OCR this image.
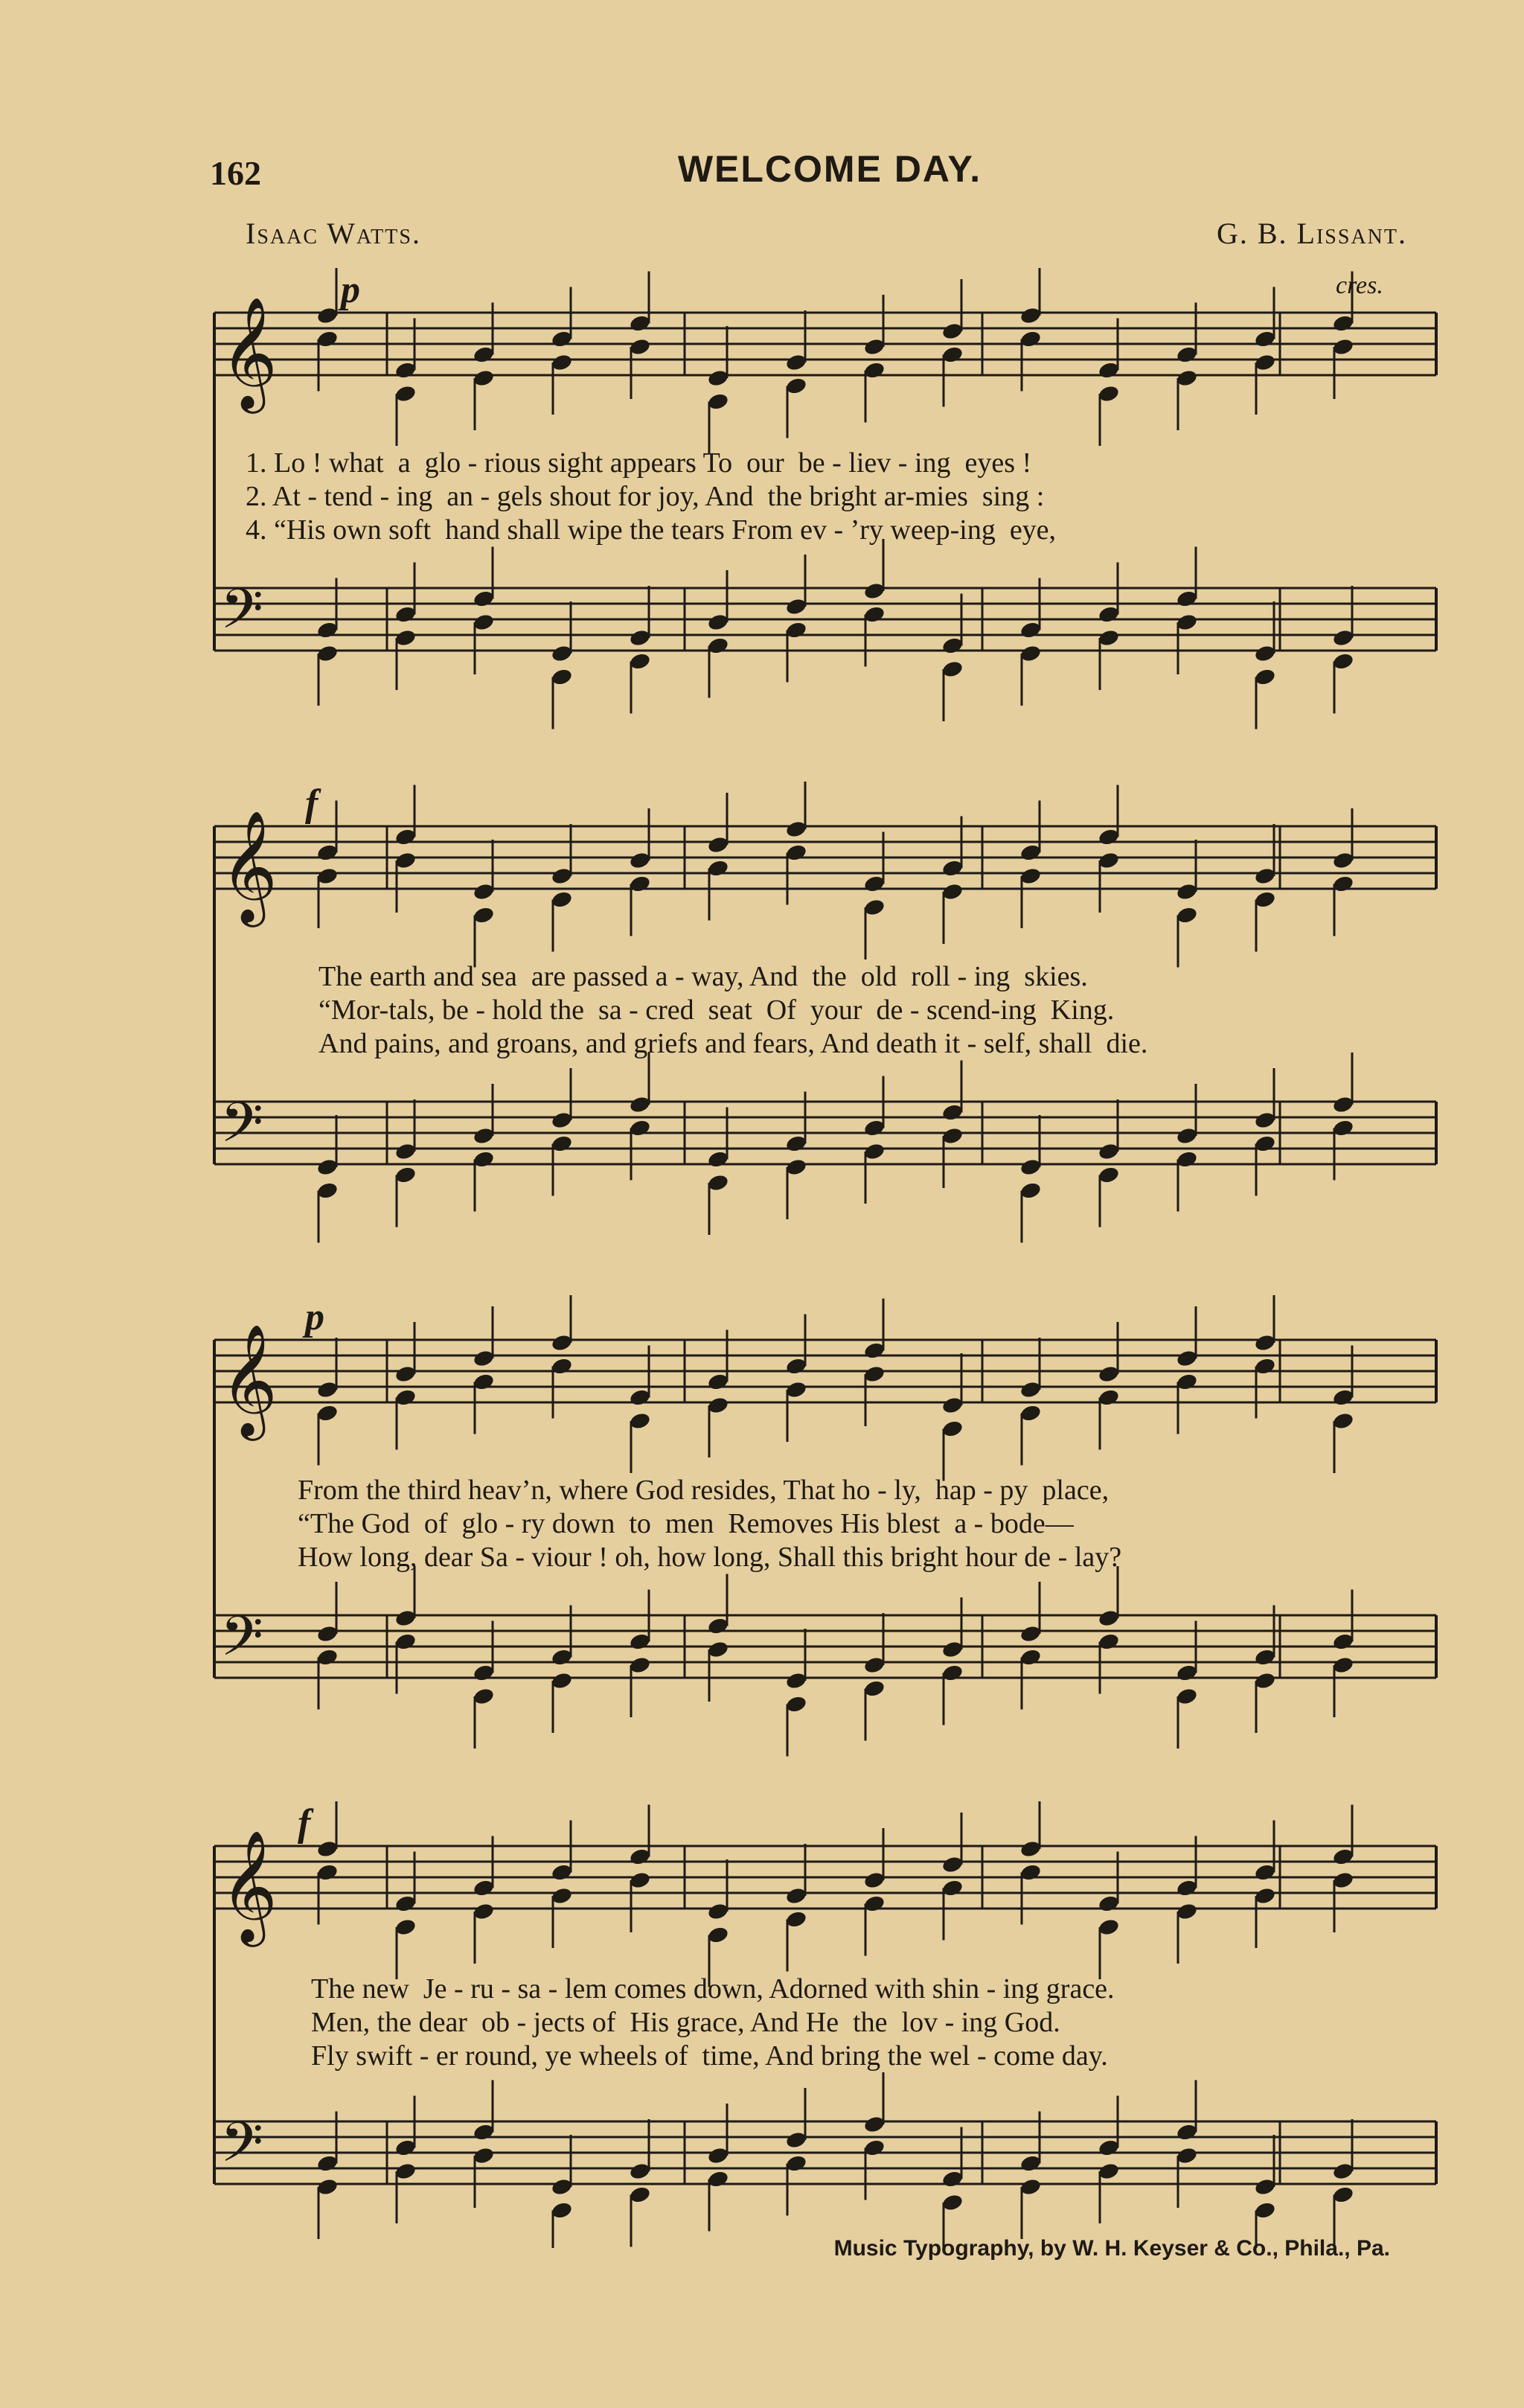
162	WELCOME DAY.
Isaac Watts.	G. B. Lissant.
𝄞
𝄢
p	cres.
1. Lo ! what  a  glo - rious sight appears To  our  be - liev - ing  eyes !
2. At - tend - ing  an - gels shout for joy, And  the bright ar-mies  sing :
4. “His own soft  hand shall wipe the tears From ev - ’ry weep-ing  eye,
𝄞
𝄢
f
The earth and sea  are passed a - way, And  the  old  roll - ing  skies.
“Mor-tals, be - hold the  sa - cred  seat  Of  your  de - scend-ing  King.
And pains, and groans, and griefs and fears, And death it - self, shall  die.
𝄞
𝄢
p
From the third heav’n, where God resides, That ho - ly,  hap - py  place,
“The God  of  glo - ry down  to  men  Removes His blest  a - bode—
How long, dear Sa - viour ! oh, how long, Shall this bright hour de - lay?
𝄞
𝄢
f
The new  Je - ru - sa - lem comes down, Adorned with shin - ing grace.
Men, the dear  ob - jects of  His grace, And He  the  lov - ing God.
Fly swift - er round, ye wheels of  time, And bring the wel - come day.
Music Typography, by W. H. Keyser & Co., Phila., Pa.
